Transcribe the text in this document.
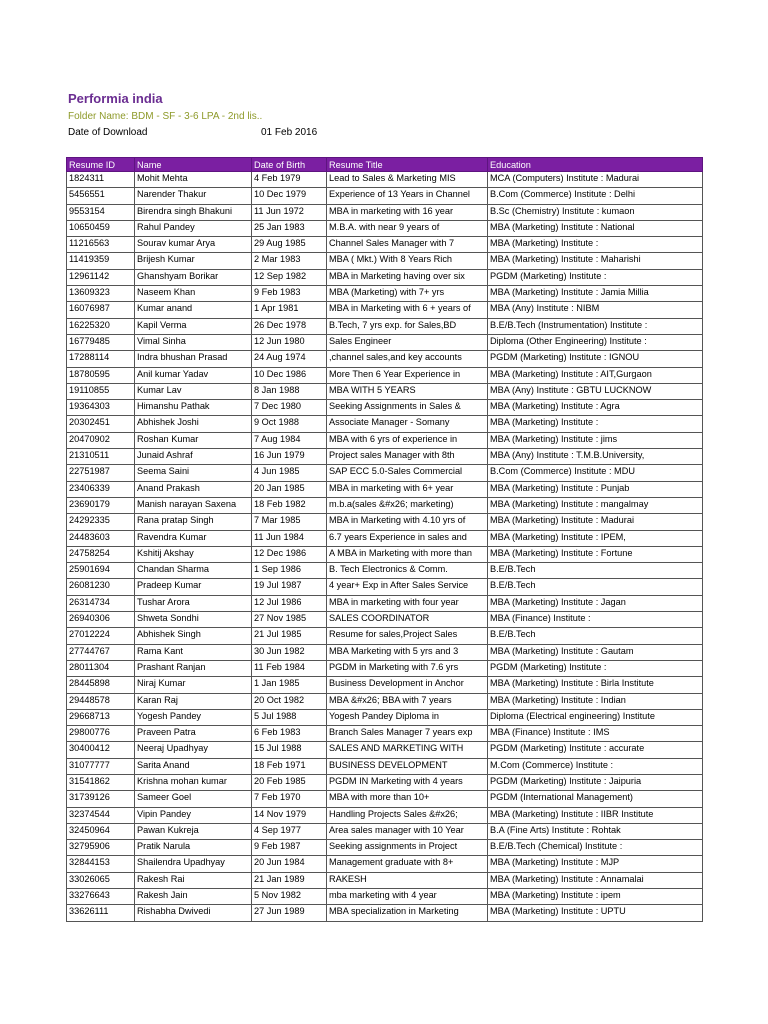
Performia india
Folder Name: BDM - SF - 3-6 LPA - 2nd lis..
Date of Download	01 Feb 2016
Resume ID	Name	Date of Birth	Resume Title	Education
1824311	Mohit Mehta	4 Feb 1979	Lead to Sales & Marketing MIS	MCA (Computers) Institute : Madurai
5456551	Narender Thakur	10 Dec 1979	Experience of 13 Years in Channel	B.Com (Commerce) Institute : Delhi
9553154	Birendra singh Bhakuni	11 Jun 1972	MBA in marketing with 16 year	B.Sc (Chemistry) Institute : kumaon
10650459	Rahul Pandey	25 Jan 1983	M.B.A. with near 9 years of	MBA (Marketing) Institute : National
11216563	Sourav kumar Arya	29 Aug 1985	Channel Sales Manager with 7	MBA (Marketing) Institute :
11419359	Brijesh Kumar	2 Mar 1983	MBA ( Mkt.) With 8 Years Rich	MBA (Marketing) Institute : Maharishi
12961142	Ghanshyam Borikar	12 Sep 1982	MBA in Marketing having over six	PGDM (Marketing) Institute :
13609323	Naseem Khan	9 Feb 1983	MBA (Marketing) with 7+ yrs	MBA (Marketing) Institute : Jamia Millia
16076987	Kumar anand	1 Apr 1981	MBA in Marketing with 6 + years of	MBA (Any) Institute : NIBM
16225320	Kapil Verma	26 Dec 1978	B.Tech, 7 yrs exp. for Sales,BD	B.E/B.Tech (Instrumentation) Institute :
16779485	Vimal Sinha	12 Jun 1980	Sales Engineer	Diploma (Other Engineering) Institute :
17288114	Indra bhushan Prasad	24 Aug 1974	,channel sales,and key accounts	PGDM (Marketing) Institute : IGNOU
18780595	Anil kumar Yadav	10 Dec 1986	More Then 6 Year Experience in	MBA (Marketing) Institute : AIT,Gurgaon
19110855	Kumar Lav	8 Jan 1988	MBA WITH 5 YEARS	MBA (Any) Institute : GBTU LUCKNOW
19364303	Himanshu Pathak	7 Dec 1980	Seeking Assignments in Sales &	MBA (Marketing) Institute : Agra
20302451	Abhishek Joshi	9 Oct 1988	Associate Manager - Somany	MBA (Marketing) Institute :
20470902	Roshan Kumar	7 Aug 1984	MBA with 6 yrs of experience in	MBA (Marketing) Institute : jims
21310511	Junaid Ashraf	16 Jun 1979	Project sales Manager with 8th	MBA (Any) Institute : T.M.B.University,
22751987	Seema Saini	4 Jun 1985	SAP ECC 5.0-Sales Commercial	B.Com (Commerce) Institute : MDU
23406339	Anand Prakash	20 Jan 1985	MBA in marketing with 6+ year	MBA (Marketing) Institute : Punjab
23690179	Manish narayan Saxena	18 Feb 1982	m.b.a(sales &#x26; marketing)	MBA (Marketing) Institute : mangalmay
24292335	Rana pratap Singh	7 Mar 1985	MBA in Marketing with 4.10 yrs of	MBA (Marketing) Institute : Madurai
24483603	Ravendra Kumar	11 Jun 1984	6.7 years Experience in sales and	MBA (Marketing) Institute : IPEM,
24758254	Kshitij Akshay	12 Dec 1986	A MBA in Marketing with more than	MBA (Marketing) Institute : Fortune
25901694	Chandan Sharma	1 Sep 1986	B. Tech Electronics & Comm.	B.E/B.Tech
26081230	Pradeep Kumar	19 Jul 1987	4 year+ Exp in After Sales Service	B.E/B.Tech
26314734	Tushar Arora	12 Jul 1986	MBA in marketing with four year	MBA (Marketing) Institute : Jagan
26940306	Shweta Sondhi	27 Nov 1985	SALES COORDINATOR	MBA (Finance) Institute :
27012224	Abhishek Singh	21 Jul 1985	Resume for sales,Project Sales	B.E/B.Tech
27744767	Rama Kant	30 Jun 1982	MBA Marketing with 5 yrs and 3	MBA (Marketing) Institute : Gautam
28011304	Prashant Ranjan	11 Feb 1984	PGDM in Marketing with 7.6 yrs	PGDM (Marketing) Institute :
28445898	Niraj Kumar	1 Jan 1985	Business Development in Anchor	MBA (Marketing) Institute : Birla Institute
29448578	Karan Raj	20 Oct 1982	MBA &#x26; BBA with 7 years	MBA (Marketing) Institute : Indian
29668713	Yogesh Pandey	5 Jul 1988	Yogesh Pandey Diploma in	Diploma (Electrical engineering) Institute
29800776	Praveen Patra	6 Feb 1983	Branch Sales Manager 7 years exp	MBA (Finance) Institute : IMS
30400412	Neeraj Upadhyay	15 Jul 1988	SALES AND MARKETING WITH	PGDM (Marketing) Institute : accurate
31077777	Sarita Anand	18 Feb 1971	BUSINESS DEVELOPMENT	M.Com (Commerce) Institute :
31541862	Krishna mohan kumar	20 Feb 1985	PGDM IN Marketing with 4 years	PGDM (Marketing) Institute : Jaipuria
31739126	Sameer Goel	7 Feb 1970	MBA with more than 10+	PGDM (International Management)
32374544	Vipin Pandey	14 Nov 1979	Handling Projects Sales &#x26;	MBA (Marketing) Institute : IIBR Institute
32450964	Pawan Kukreja	4 Sep 1977	Area sales manager with 10 Year	B.A (Fine Arts) Institute : Rohtak
32795906	Pratik Narula	9 Feb 1987	Seeking assignments in Project	B.E/B.Tech (Chemical) Institute :
32844153	Shailendra Upadhyay	20 Jun 1984	Management graduate with 8+	MBA (Marketing) Institute : MJP
33026065	Rakesh Rai	21 Jan 1989	RAKESH	MBA (Marketing) Institute : Annamalai
33276643	Rakesh Jain	5 Nov 1982	mba marketing with 4 year	MBA (Marketing) Institute : ipem
33626111	Rishabha Dwivedi	27 Jun 1989	MBA specialization in Marketing	MBA (Marketing) Institute : UPTU
